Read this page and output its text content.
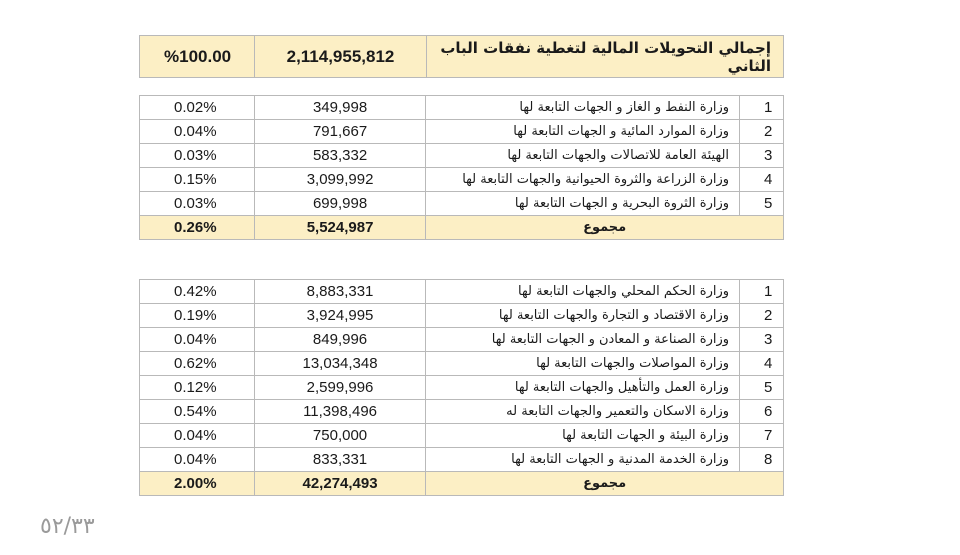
%100.00	2,114,955,812	إجمالي التحويلات المالية لتغطية نفقات الباب الثاني
0.02%	349,998	وزارة النفط و الغاز و الجهات التابعة لها	1
0.04%	791,667	وزارة الموارد المائية و الجهات التابعة لها	2
0.03%	583,332	الهيئة العامة للاتصالات والجهات التابعة لها	3
0.15%	3,099,992	وزارة الزراعة والثروة الحيوانية والجهات التابعة لها	4
0.03%	699,998	وزارة الثروة البحرية و الجهات التابعة لها	5
0.26%	5,524,987	مجموع	
0.42%	8,883,331	وزارة الحكم المحلي والجهات التابعة لها	1
0.19%	3,924,995	وزارة الاقتصاد و التجارة والجهات التابعة لها	2
0.04%	849,996	وزارة الصناعة و المعادن و الجهات التابعة لها	3
0.62%	13,034,348	وزارة المواصلات والجهات التابعة لها	4
0.12%	2,599,996	وزارة العمل والتأهيل والجهات التابعة لها	5
0.54%	11,398,496	وزارة الاسكان والتعمير والجهات التابعة له	6
0.04%	750,000	وزارة البيئة و الجهات التابعة لها	7
0.04%	833,331	وزارة الخدمة المدنية و الجهات التابعة لها	8
2.00%	42,274,493	مجموع	
٥٢/٣٣
